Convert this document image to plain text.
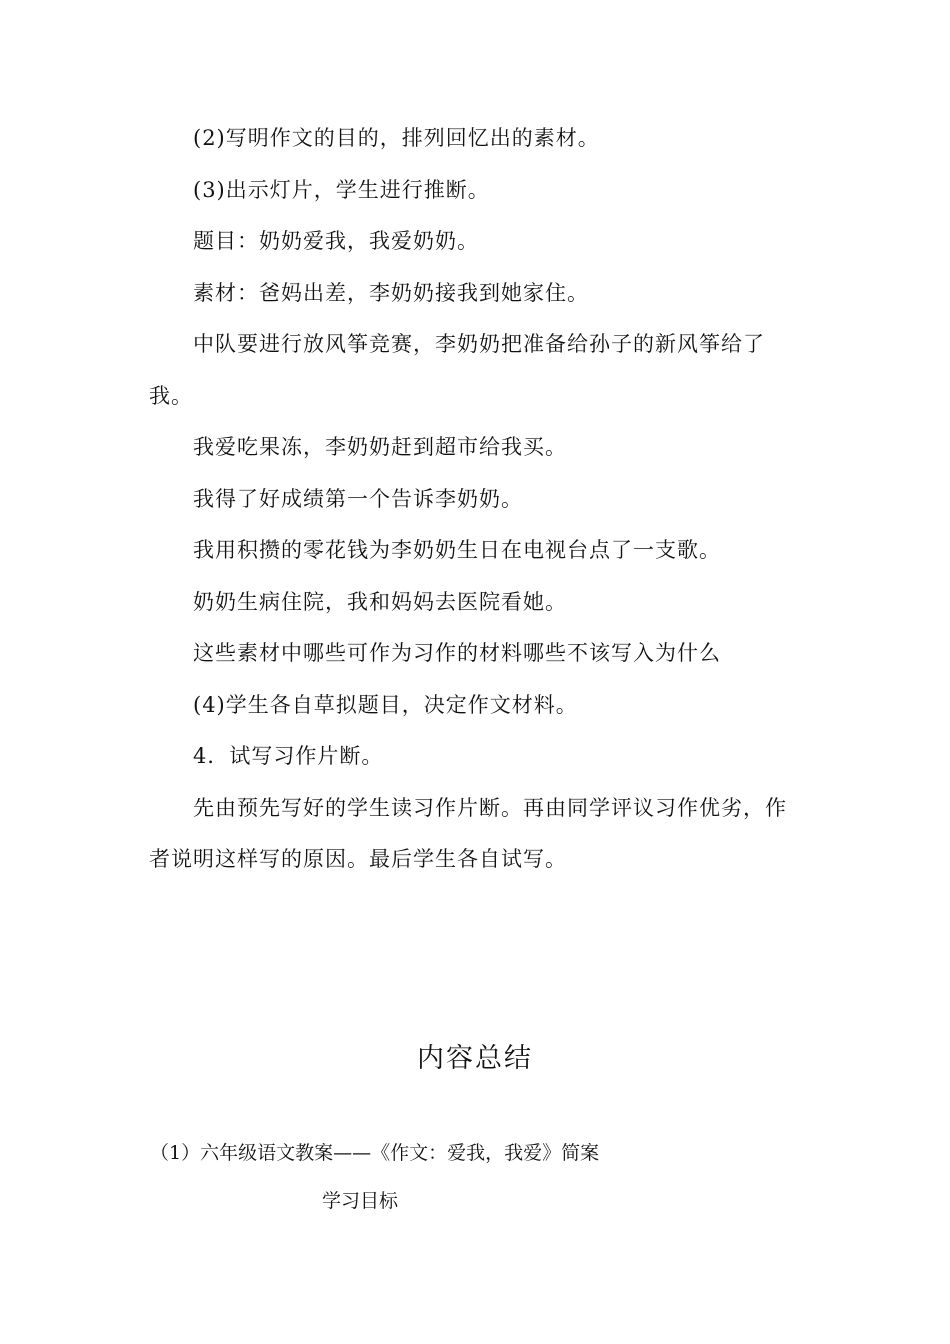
(2)写明作文的目的，排列回忆出的素材。
(3)出示灯片，学生进行推断。
题目：奶奶爱我，我爱奶奶。
素材：爸妈出差，李奶奶接我到她家住。
中队要进行放风筝竞赛，李奶奶把准备给孙子的新风筝给了
我。
我爱吃果冻，李奶奶赶到超市给我买。
我得了好成绩第一个告诉李奶奶。
我用积攒的零花钱为李奶奶生日在电视台点了一支歌。
奶奶生病住院，我和妈妈去医院看她。
这些素材中哪些可作为习作的材料哪些不该写入为什么
(4)学生各自草拟题目，决定作文材料。
4．试写习作片断。
先由预先写好的学生读习作片断。再由同学评议习作优劣，作
者说明这样写的原因。最后学生各自试写。
内容总结
（1）六年级语文教案——《作文：爱我，我爱》简案
学习目标
